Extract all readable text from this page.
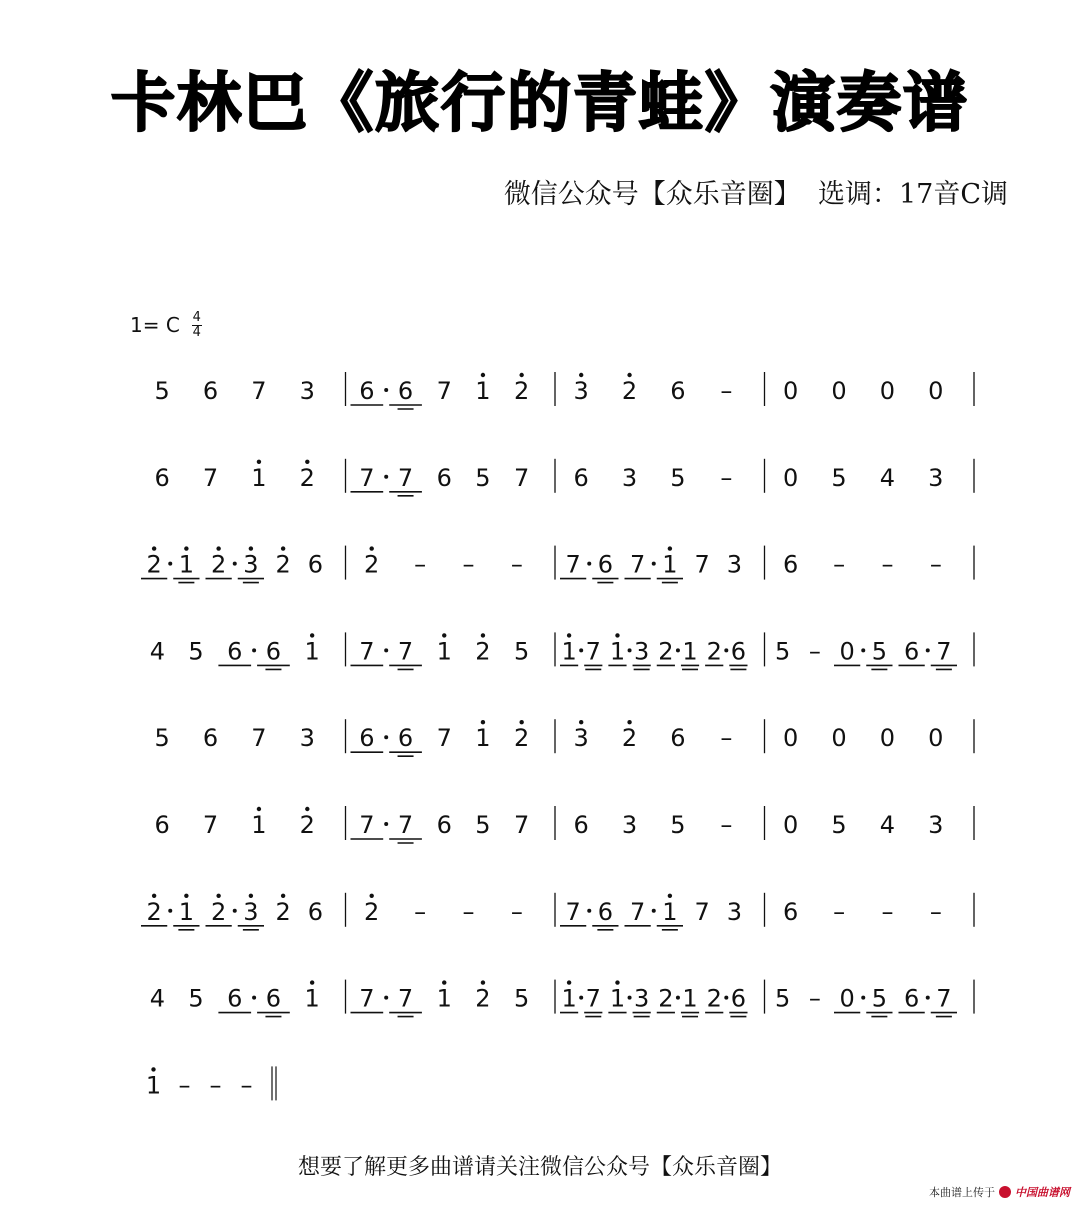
卡林巴《旅行的青蛙》演奏谱
微信公众号【众乐音圈】  选调：17音C调
1= C $\frac{4}{4}$
5 6 7 3 6 6 7 1 2 3 2 6 – 0 0 0 0
6 7 1 2 7 7 6 5 7 6 3 5 – 0 5 4 3
2 1 2 3 2 6 2 – – – 7 6 7 1 7 3 6 – – –
4 5 6 6 1 7 7 1 2 5 1 7 1 3 2 1 2 6 5 – 0 5 6 7
5 6 7 3 6 6 7 1 2 3 2 6 – 0 0 0 0
6 7 1 2 7 7 6 5 7 6 3 5 – 0 5 4 3
2 1 2 3 2 6 2 – – – 7 6 7 1 7 3 6 – – –
4 5 6 6 1 7 7 1 2 5 1 7 1 3 2 1 2 6 5 – 0 5 6 7
1 – – –
想要了解更多曲谱请关注微信公众号【众乐音圈】
本曲谱上传于 中国曲谱网
